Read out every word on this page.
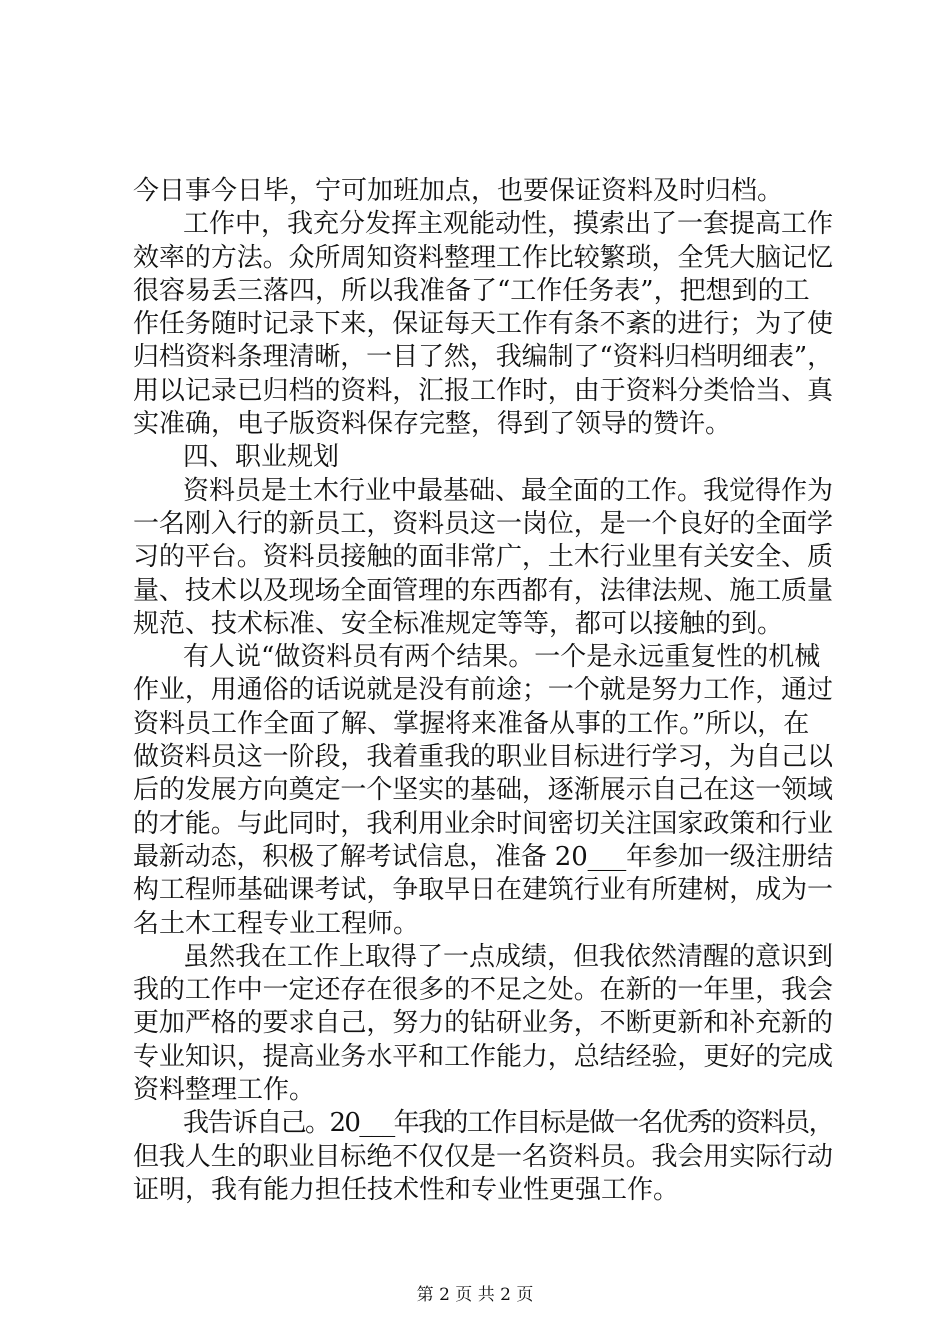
今日事今日毕，宁可加班加点，也要保证资料及时归档。
工作中，我充分发挥主观能动性，摸索出了一套提高工作
效率的方法。众所周知资料整理工作比较繁琐，全凭大脑记忆
很容易丢三落四，所以我准备了“工作任务表”，把想到的工
作任务随时记录下来，保证每天工作有条不紊的进行；为了使
归档资料条理清晰，一目了然，我编制了“资料归档明细表”，
用以记录已归档的资料，汇报工作时，由于资料分类恰当、真
实准确，电子版资料保存完整，得到了领导的赞许。
四、职业规划
资料员是土木行业中最基础、最全面的工作。我觉得作为
一名刚入行的新员工，资料员这一岗位，是一个良好的全面学
习的平台。资料员接触的面非常广，土木行业里有关安全、质
量、技术以及现场全面管理的东西都有，法律法规、施工质量
规范、技术标准、安全标准规定等等，都可以接触的到。
有人说“做资料员有两个结果。一个是永远重复性的机械
作业，用通俗的话说就是没有前途；一个就是努力工作，通过
资料员工作全面了解、掌握将来准备从事的工作。”所以，在
做资料员这一阶段，我着重我的职业目标进行学习，为自己以
后的发展方向奠定一个坚实的基础，逐渐展示自己在这一领域
的才能。与此同时，我利用业余时间密切关注国家政策和行业
最新动态，积极了解考试信息，准备 20___年参加一级注册结
构工程师基础课考试，争取早日在建筑行业有所建树，成为一
名土木工程专业工程师。
虽然我在工作上取得了一点成绩，但我依然清醒的意识到
我的工作中一定还存在很多的不足之处。在新的一年里，我会
更加严格的要求自己，努力的钻研业务，不断更新和补充新的
专业知识，提高业务水平和工作能力，总结经验，更好的完成
资料整理工作。
我告诉自己。20___年我的工作目标是做一名优秀的资料员，
但我人生的职业目标绝不仅仅是一名资料员。我会用实际行动
证明，我有能力担任技术性和专业性更强工作。
第 2 页 共 2 页
